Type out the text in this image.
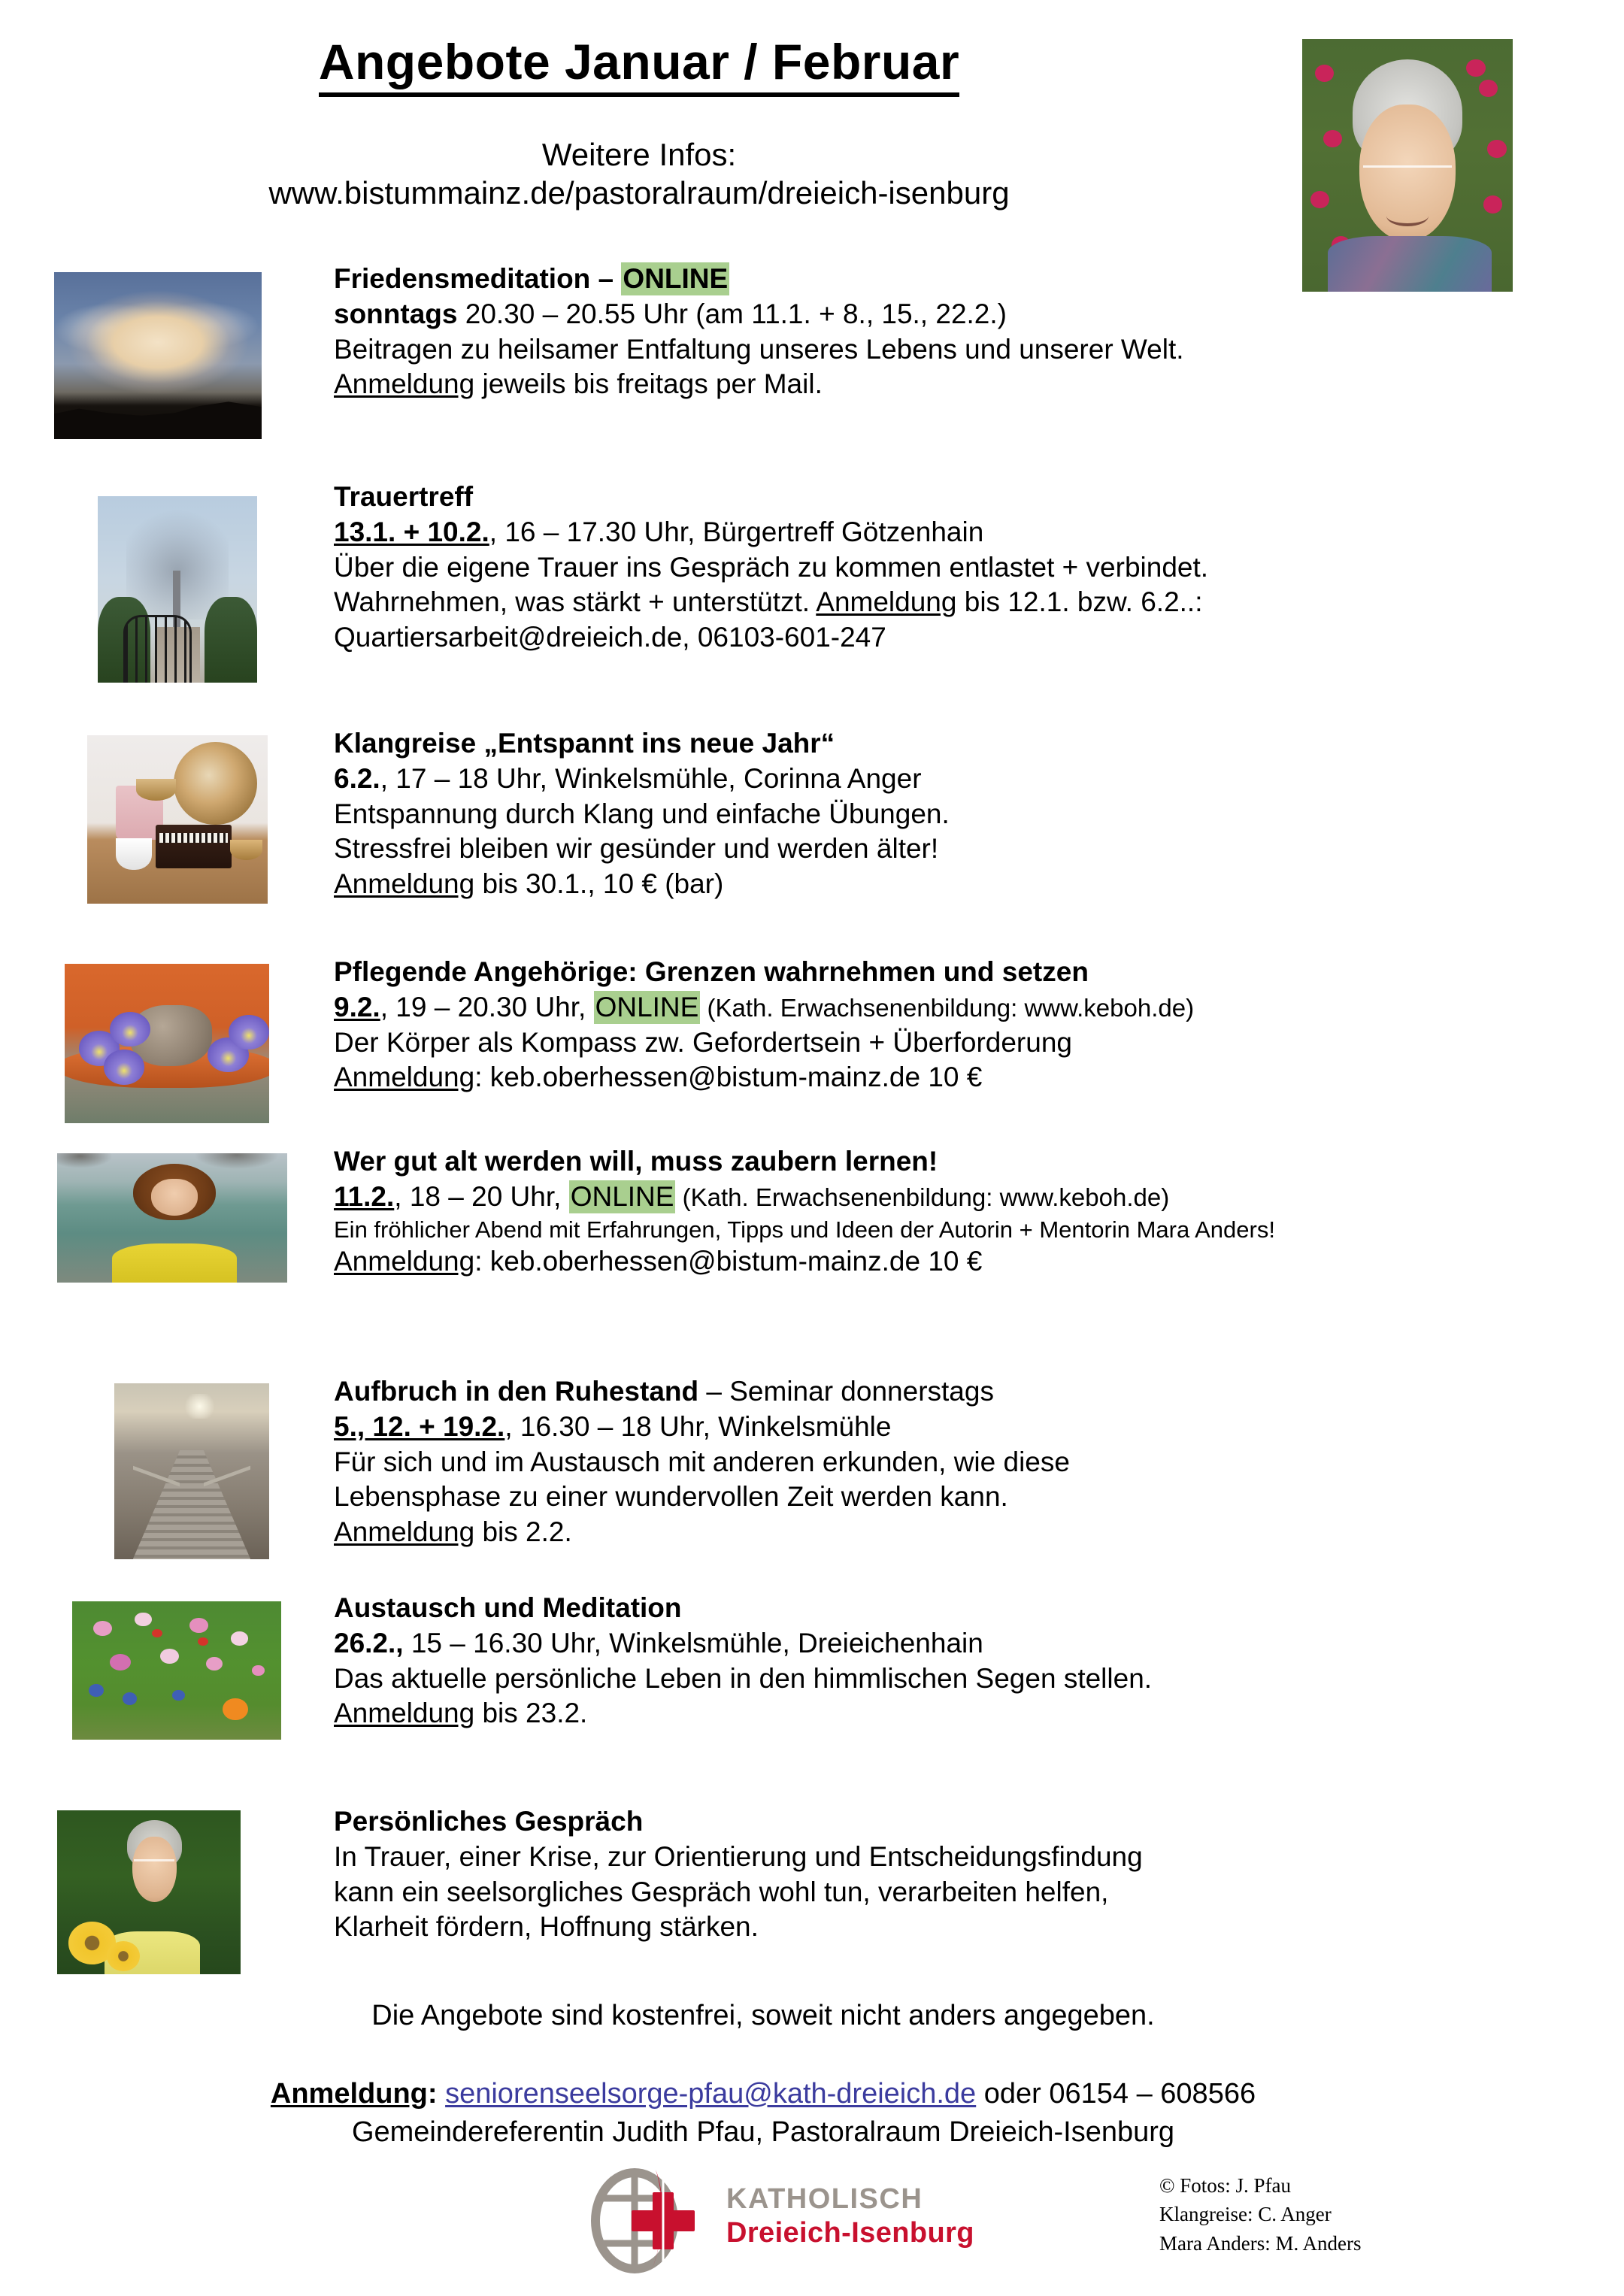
Angebote Januar / Februar
Weitere Infos:
www.bistummainz.de/pastoralraum/dreieich-isenburg
Friedensmeditation – ONLINE
sonntags 20.30 – 20.55 Uhr (am 11.1. + 8., 15., 22.2.)
Beitragen zu heilsamer Entfaltung unseres Lebens und unserer Welt.
Anmeldung jeweils bis freitags per Mail.
Trauertreff
13.1. + 10.2., 16 – 17.30 Uhr, Bürgertreff Götzenhain
Über die eigene Trauer ins Gespräch zu kommen entlastet + verbindet.
Wahrnehmen, was stärkt + unterstützt. Anmeldung bis 12.1. bzw. 6.2..:
Quartiersarbeit@dreieich.de, 06103-601-247
Klangreise „Entspannt ins neue Jahr“
6.2., 17 – 18 Uhr, Winkelsmühle, Corinna Anger
Entspannung durch Klang und einfache Übungen.
Stressfrei bleiben wir gesünder und werden älter!
Anmeldung bis 30.1., 10 € (bar)
Pflegende Angehörige: Grenzen wahrnehmen und setzen
9.2., 19 – 20.30 Uhr, ONLINE (Kath. Erwachsenenbildung: www.keboh.de)
Der Körper als Kompass zw. Gefordertsein + Überforderung
Anmeldung: keb.oberhessen@bistum-mainz.de 10 €
Wer gut alt werden will, muss zaubern lernen!
11.2., 18 – 20 Uhr, ONLINE (Kath. Erwachsenenbildung: www.keboh.de)
Ein fröhlicher Abend mit Erfahrungen, Tipps und Ideen der Autorin + Mentorin Mara Anders!
Anmeldung: keb.oberhessen@bistum-mainz.de 10 €
Aufbruch in den Ruhestand – Seminar donnerstags
5., 12. + 19.2., 16.30 – 18 Uhr, Winkelsmühle
Für sich und im Austausch mit anderen erkunden, wie diese
Lebensphase zu einer wundervollen Zeit werden kann.
Anmeldung bis 2.2.
Austausch und Meditation
26.2., 15 – 16.30 Uhr, Winkelsmühle, Dreieichenhain
Das aktuelle persönliche Leben in den himmlischen Segen stellen.
Anmeldung bis 23.2.
Persönliches Gespräch
In Trauer, einer Krise, zur Orientierung und Entscheidungsfindung
kann ein seelsorgliches Gespräch wohl tun, verarbeiten helfen,
Klarheit fördern, Hoffnung stärken.
Die Angebote sind kostenfrei, soweit nicht anders angegeben.
Anmeldung: seniorenseelsorge-pfau@kath-dreieich.de oder 06154 – 608566
Gemeindereferentin Judith Pfau, Pastoralraum Dreieich-Isenburg
KATHOLISCH
Dreieich-Isenburg
© Fotos: J. Pfau
Klangreise: C. Anger
Mara Anders: M. Anders
